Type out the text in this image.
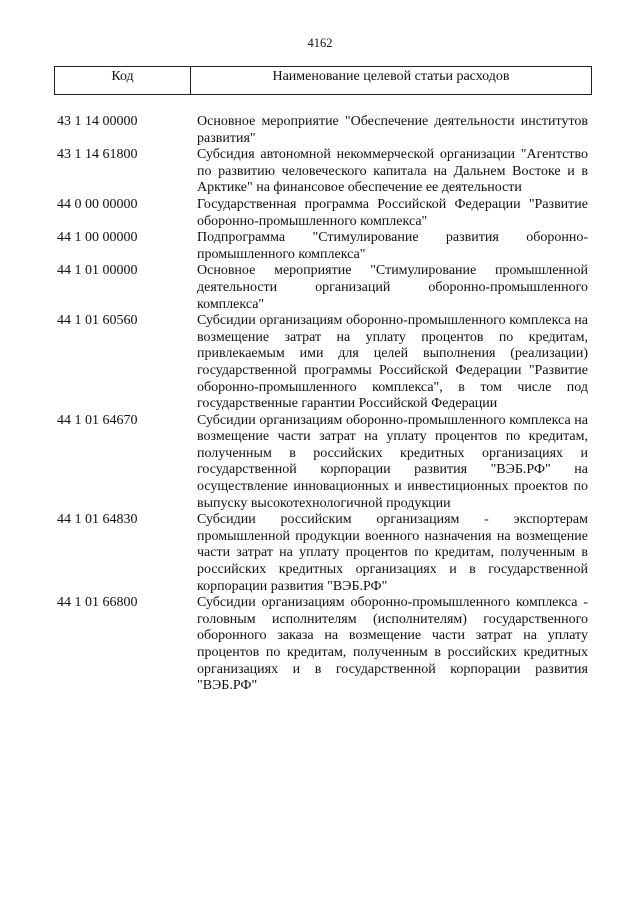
4162
Код	Наименование целевой статьи расходов
43 1 14 00000	Основное мероприятие "Обеспечение деятельности институтов развития"
43 1 14 61800	Субсидия автономной некоммерческой организации "Агентство по развитию человеческого капитала на Дальнем Востоке и в Арктике" на финансовое обеспечение ее деятельности
44 0 00 00000	Государственная программа Российской Федерации "Развитие оборонно-промышленного комплекса"
44 1 00 00000	Подпрограмма "Стимулирование развития оборонно-промышленного комплекса"
44 1 01 00000	Основное мероприятие "Стимулирование промышленной деятельности организаций оборонно-промышленного комплекса"
44 1 01 60560	Субсидии организациям оборонно-промышленного комплекса на возмещение затрат на уплату процентов по кредитам, привлекаемым ими для целей выполнения (реализации) государственной программы Российской Федерации "Развитие оборонно-промышленного комплекса", в том числе под государственные гарантии Российской Федерации
44 1 01 64670	Субсидии организациям оборонно-промышленного комплекса на возмещение части затрат на уплату процентов по кредитам, полученным в российских кредитных организациях и государственной корпорации развития "ВЭБ.РФ" на осуществление инновационных и инвестиционных проектов по выпуску высокотехнологичной продукции
44 1 01 64830	Субсидии российским организациям - экспортерам промышленной продукции военного назначения на возмещение части затрат на уплату процентов по кредитам, полученным в российских кредитных организациях и в государственной корпорации развития "ВЭБ.РФ"
44 1 01 66800	Субсидии организациям оборонно-промышленного комплекса - головным исполнителям (исполнителям) государственного оборонного заказа на возмещение части затрат на уплату процентов по кредитам, полученным в российских кредитных организациях и в государственной корпорации развития "ВЭБ.РФ"
